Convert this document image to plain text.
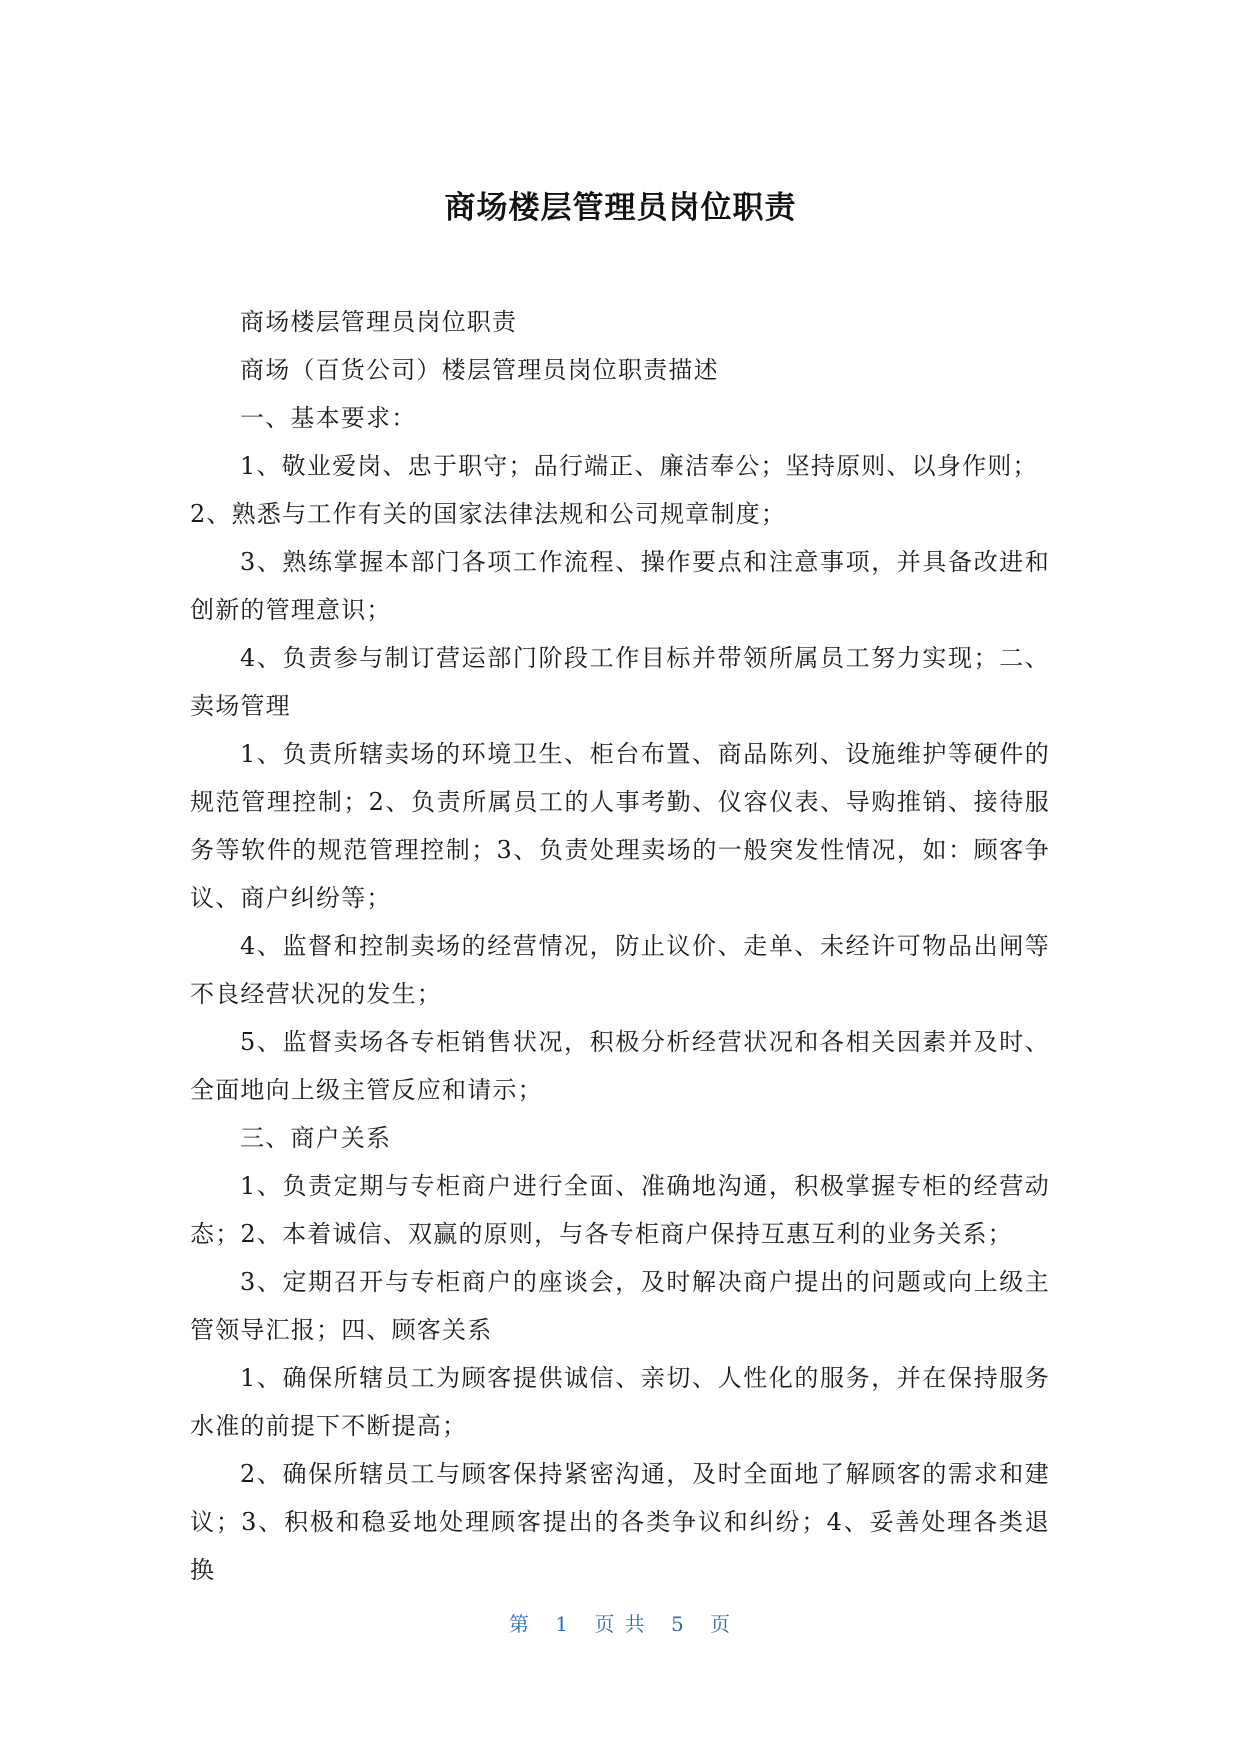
商场楼层管理员岗位职责

商场楼层管理员岗位职责

商场（百货公司）楼层管理员岗位职责描述

一、基本要求：

1、敬业爱岗、忠于职守；品行端正、廉洁奉公；坚持原则、以身作则；

2、熟悉与工作有关的国家法律法规和公司规章制度；

3、熟练掌握本部门各项工作流程、操作要点和注意事项，并具备改进和创新的管理意识；

4、负责参与制订营运部门阶段工作目标并带领所属员工努力实现；二、卖场管理

1、负责所辖卖场的环境卫生、柜台布置、商品陈列、设施维护等硬件的规范管理控制；2、负责所属员工的人事考勤、仪容仪表、导购推销、接待服务等软件的规范管理控制；3、负责处理卖场的一般突发性情况，如：顾客争议、商户纠纷等；

4、监督和控制卖场的经营情况，防止议价、走单、未经许可物品出闸等不良经营状况的发生；

5、监督卖场各专柜销售状况，积极分析经营状况和各相关因素并及时、全面地向上级主管反应和请示；

三、商户关系

1、负责定期与专柜商户进行全面、准确地沟通，积极掌握专柜的经营动态；2、本着诚信、双赢的原则，与各专柜商户保持互惠互利的业务关系；

3、定期召开与专柜商户的座谈会，及时解决商户提出的问题或向上级主管领导汇报；四、顾客关系

1、确保所辖员工为顾客提供诚信、亲切、人性化的服务，并在保持服务水准的前提下不断提高；

2、确保所辖员工与顾客保持紧密沟通，及时全面地了解顾客的需求和建议；3、积极和稳妥地处理顾客提出的各类争议和纠纷；4、妥善处理各类退换

第 1 页 共 5 页
